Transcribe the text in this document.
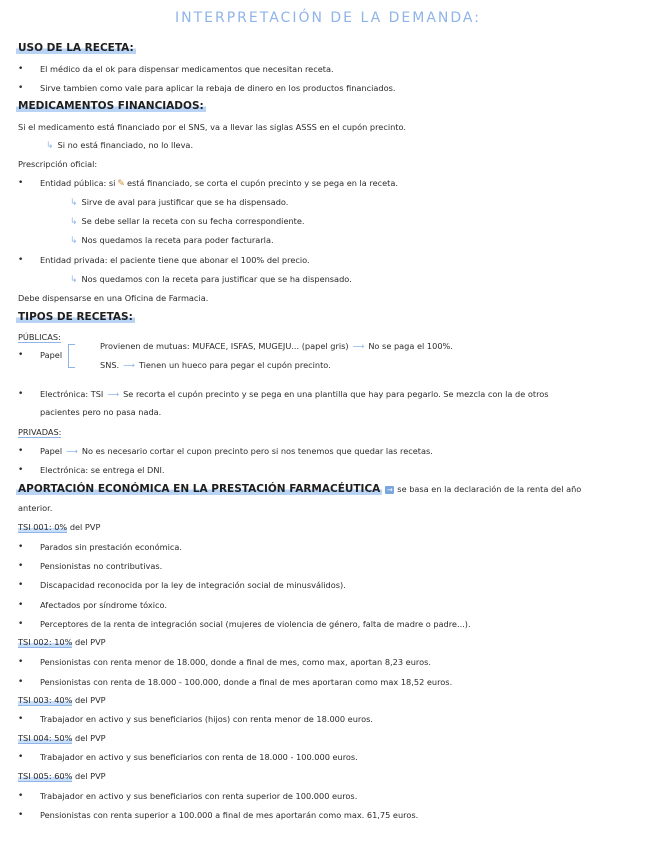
INTERPRETACIÓN DE LA DEMANDA:
USO DE LA RECETA:
• El médico da el ok para dispensar medicamentos que necesitan receta.
• Sirve tambien como vale para aplicar la rebaja de dinero en los productos financiados.
MEDICAMENTOS FINANCIADOS:
Si el medicamento está financiado por el SNS, va a llevar las siglas ASSS en el cupón precinto.
↳ Si no está financiado, no lo lleva.
Prescripción oficial:
• Entidad pública: si ✎ está financiado, se corta el cupón precinto y se pega en la receta.
↳ Sirve de aval para justificar que se ha dispensado.
↳ Se debe sellar la receta con su fecha correspondiente.
↳ Nos quedamos la receta para poder facturarla.
• Entidad privada: el paciente tiene que abonar el 100% del precio.
↳ Nos quedamos con la receta para justificar que se ha dispensado.
Debe dispensarse en una Oficina de Farmacia.
TIPOS DE RECETAS:
PÚBLICAS:
• Papel
Provienen de mutuas: MUFACE, ISFAS, MUGEJU... (papel gris) ⟶ No se paga el 100%.
SNS. ⟶ Tienen un hueco para pegar el cupón precinto.
• Electrónica: TSI ⟶ Se recorta el cupón precinto y se pega en una plantilla que hay para pegarlo. Se mezcla con la de otros
pacientes pero no pasa nada.
PRIVADAS:
• Papel ⟶ No es necesario cortar el cupon precinto pero si nos tenemos que quedar las recetas.
• Electrónica: se entrega el DNI.
APORTACIÓN ECONÓMICA EN LA PRESTACIÓN FARMACÉUTICA → se basa en la declaración de la renta del año
anterior.
TSI 001: 0% del PVP
• Parados sin prestación económica.
• Pensionistas no contributivas.
• Discapacidad reconocida por la ley de integración social de minusválidos).
• Afectados por síndrome tóxico.
• Perceptores de la renta de integración social (mujeres de violencia de género, falta de madre o padre...).
TSI 002: 10% del PVP
• Pensionistas con renta menor de 18.000, donde a final de mes, como max, aportan 8,23 euros.
• Pensionistas con renta de 18.000 - 100.000, donde a final de mes aportaran como max 18,52 euros.
TSI 003: 40% del PVP
• Trabajador en activo y sus beneficiarios (hijos) con renta menor de 18.000 euros.
TSI 004: 50% del PVP
• Trabajador en activo y sus beneficiarios con renta de 18.000 - 100.000 euros.
TSI 005: 60% del PVP
• Trabajador en activo y sus beneficiarios con renta superior de 100.000 euros.
• Pensionistas con renta superior a 100.000 a final de mes aportarán como max. 61,75 euros.
